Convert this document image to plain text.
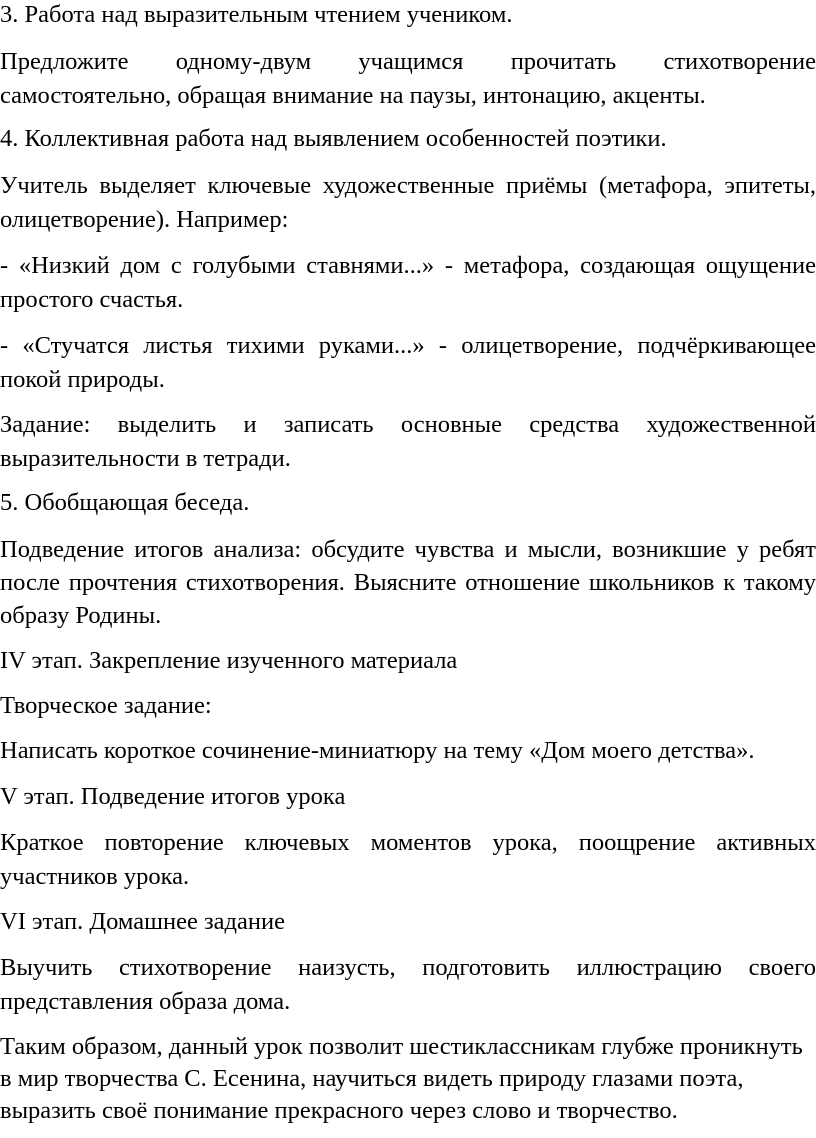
3. Работа над выразительным чтением учеником.
Предложите одному-двум учащимся прочитать стихотворение
самостоятельно, обращая внимание на паузы, интонацию, акценты.
4. Коллективная работа над выявлением особенностей поэтики.
Учитель выделяет ключевые художественные приёмы (метафора, эпитеты,
олицетворение). Например:
- «Низкий дом с голубыми ставнями...» - метафора, создающая ощущение
простого счастья.
- «Стучатся листья тихими руками...» - олицетворение, подчёркивающее
покой природы.
Задание: выделить и записать основные средства художественной
выразительности в тетради.
5. Обобщающая беседа.
Подведение итогов анализа: обсудите чувства и мысли, возникшие у ребят
после прочтения стихотворения. Выясните отношение школьников к такому
образу Родины.
IV этап. Закрепление изученного материала
Творческое задание:
Написать короткое сочинение-миниатюру на тему «Дом моего детства».
V этап. Подведение итогов урока
Краткое повторение ключевых моментов урока, поощрение активных
участников урока.
VI этап. Домашнее задание
Выучить стихотворение наизусть, подготовить иллюстрацию своего
представления образа дома.
Таким образом, данный урок позволит шестиклассникам глубже проникнуть
в мир творчества С. Есенина, научиться видеть природу глазами поэта,
выразить своё понимание прекрасного через слово и творчество.
